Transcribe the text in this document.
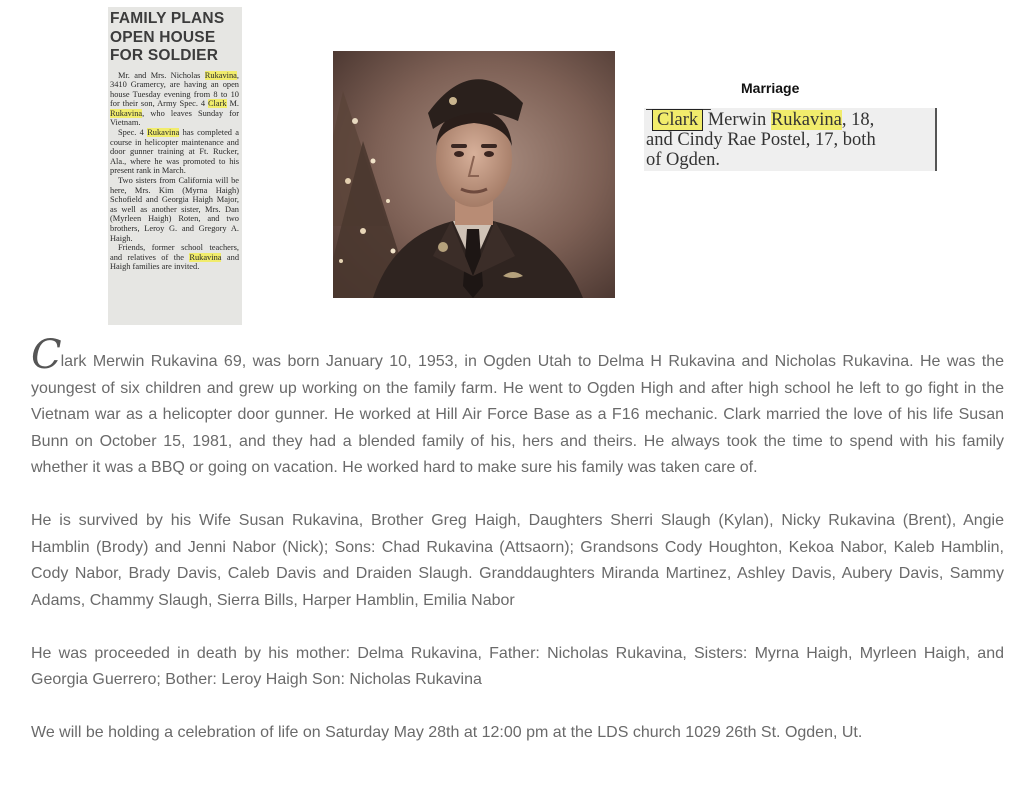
FAMILY PLANS
OPEN HOUSE
FOR SOLDIER

Mr. and Mrs. Nicholas Rukavina, 3410 Gramercy, are having an open house Tuesday evening from 8 to 10 for their son, Army Spec. 4 Clark M. Rukavina, who leaves Sunday for Vietnam.

Spec. 4 Rukavina has completed a course in helicopter maintenance and door gunner training at Ft. Rucker, Ala., where he was promoted to his present rank in March.

Two sisters from California will be here, Mrs. Kim (Myrna Haigh) Schofield and Georgia Haigh Major, as well as another sister, Mrs. Dan (Myrleen Haigh) Roten, and two brothers, Leroy G. and Gregory A. Haigh.

Friends, former school teachers, and relatives of the Rukavina and Haigh families are invited.

Marriage
Clark Merwin Rukavina, 18,
and Cindy Rae Postel, 17, both
of Ogden.

Clark Merwin Rukavina 69, was born January 10, 1953, in Ogden Utah to Delma H Rukavina and Nicholas Rukavina. He was the youngest of six children and grew up working on the family farm. He went to Ogden High and after high school he left to go fight in the Vietnam war as a helicopter door gunner. He worked at Hill Air Force Base as a F16 mechanic. Clark married the love of his life Susan Bunn on October 15, 1981, and they had a blended family of his, hers and theirs. He always took the time to spend with his family whether it was a BBQ or going on vacation. He worked hard to make sure his family was taken care of.

He is survived by his Wife Susan Rukavina, Brother Greg Haigh, Daughters Sherri Slaugh (Kylan), Nicky Rukavina (Brent), Angie Hamblin (Brody) and Jenni Nabor (Nick); Sons: Chad Rukavina (Attsaorn); Grandsons Cody Houghton, Kekoa Nabor, Kaleb Hamblin, Cody Nabor, Brady Davis, Caleb Davis and Draiden Slaugh. Granddaughters Miranda Martinez, Ashley Davis, Aubery Davis, Sammy Adams, Chammy Slaugh, Sierra Bills, Harper Hamblin, Emilia Nabor

He was proceeded in death by his mother: Delma Rukavina, Father: Nicholas Rukavina, Sisters: Myrna Haigh, Myrleen Haigh, and Georgia Guerrero; Bother: Leroy Haigh Son: Nicholas Rukavina

We will be holding a celebration of life on Saturday May 28th at 12:00 pm at the LDS church 1029 26th St. Ogden, Ut.
